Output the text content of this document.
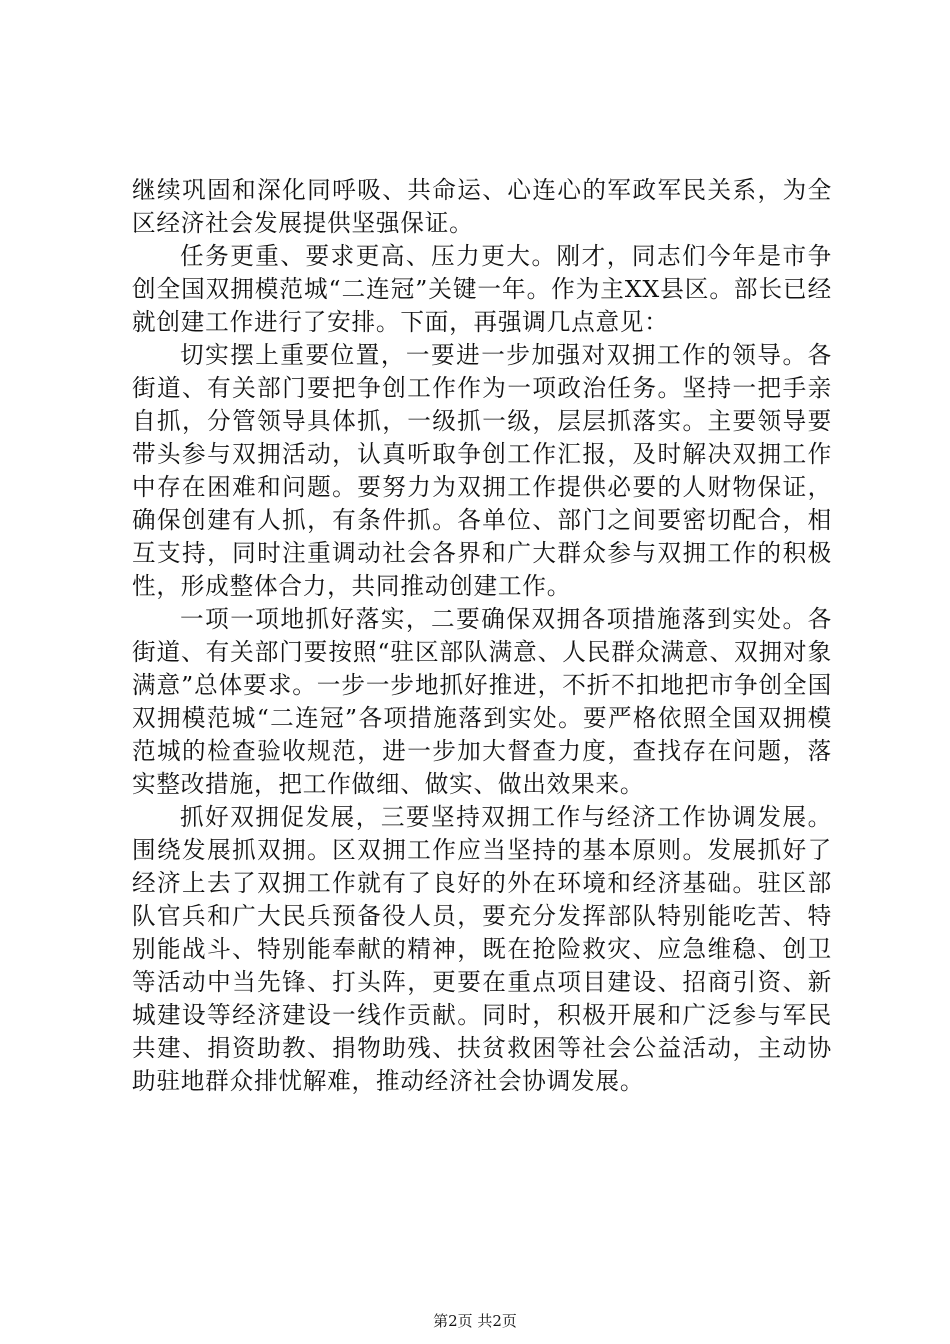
继续巩固和深化同呼吸、共命运、心连心的军政军民关系，为全区经济社会发展提供坚强保证。

任务更重、要求更高、压力更大。刚才，同志们今年是市争创全国双拥模范城“二连冠”关键一年。作为主XX县区。部长已经就创建工作进行了安排。下面，再强调几点意见：

切实摆上重要位置，一要进一步加强对双拥工作的领导。各街道、有关部门要把争创工作作为一项政治任务。坚持一把手亲自抓，分管领导具体抓，一级抓一级，层层抓落实。主要领导要带头参与双拥活动，认真听取争创工作汇报，及时解决双拥工作中存在困难和问题。要努力为双拥工作提供必要的人财物保证，确保创建有人抓，有条件抓。各单位、部门之间要密切配合，相互支持，同时注重调动社会各界和广大群众参与双拥工作的积极性，形成整体合力，共同推动创建工作。

一项一项地抓好落实，二要确保双拥各项措施落到实处。各街道、有关部门要按照“驻区部队满意、人民群众满意、双拥对象满意”总体要求。一步一步地抓好推进，不折不扣地把市争创全国双拥模范城“二连冠”各项措施落到实处。要严格依照全国双拥模范城的检查验收规范，进一步加大督查力度，查找存在问题，落实整改措施，把工作做细、做实、做出效果来。

抓好双拥促发展，三要坚持双拥工作与经济工作协调发展。围绕发展抓双拥。区双拥工作应当坚持的基本原则。发展抓好了经济上去了双拥工作就有了良好的外在环境和经济基础。驻区部队官兵和广大民兵预备役人员，要充分发挥部队特别能吃苦、特别能战斗、特别能奉献的精神，既在抢险救灾、应急维稳、创卫等活动中当先锋、打头阵，更要在重点项目建设、招商引资、新城建设等经济建设一线作贡献。同时，积极开展和广泛参与军民共建、捐资助教、捐物助残、扶贫救困等社会公益活动，主动协助驻地群众排忧解难，推动经济社会协调发展。

第2页 共2页
